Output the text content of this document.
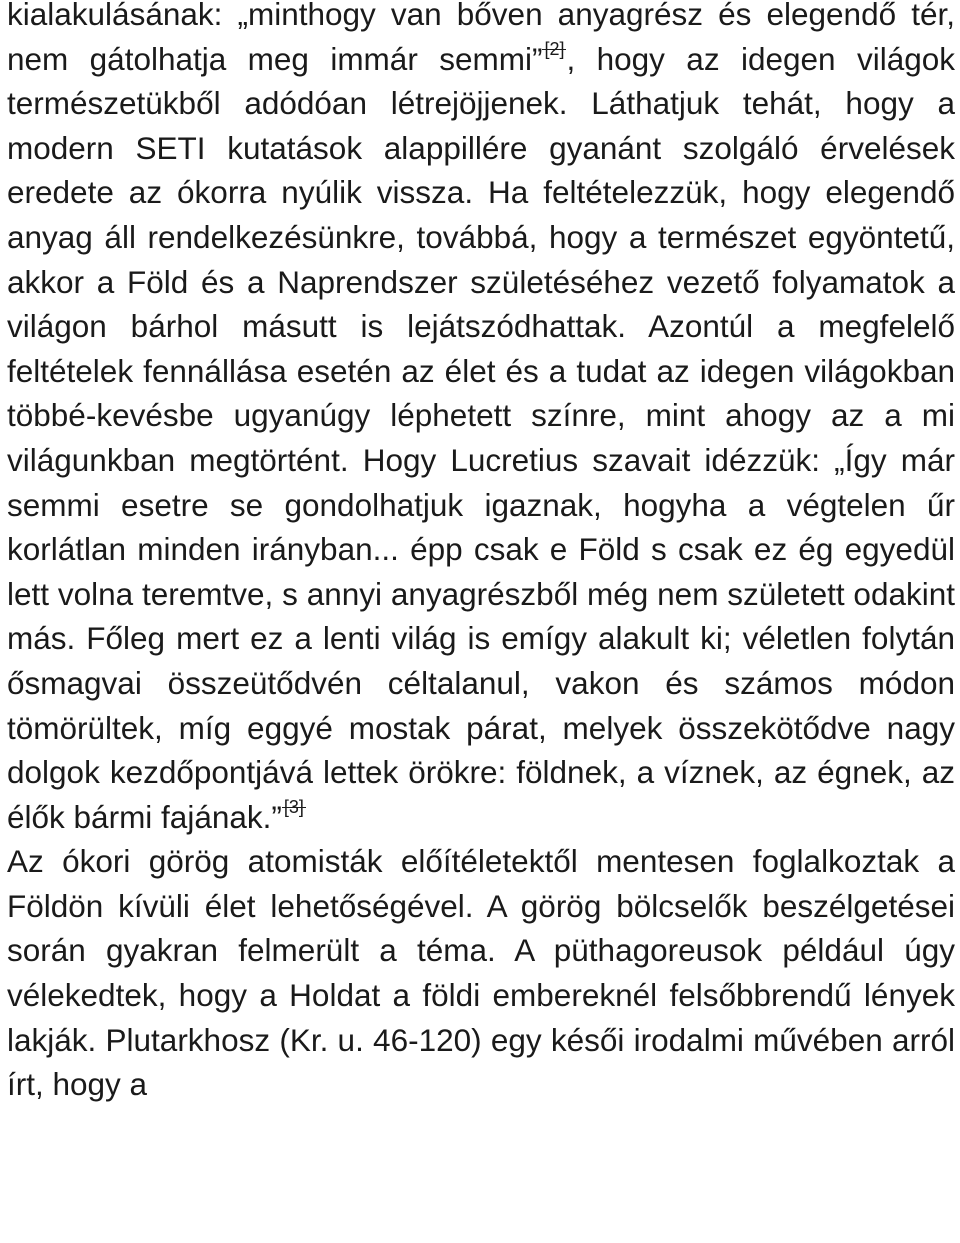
kialakulásának: „minthogy van bőven anyagrész és elegendő tér, nem gátolhatja meg immár semmi” [ 2 ] , hogy az idegen világok természetükből adódóan létrejöjjenek. Láthatjuk tehát, hogy a modern SETI kutatások alappillére gyanánt szolgáló érvelések eredete az ókorra nyúlik vissza. Ha feltételezzük, hogy elegendő anyag áll rendelkezésünkre, továbbá, hogy a természet egyöntetű, akkor a Föld és a Naprendszer születéséhez vezető folyamatok a világon bárhol másutt is lejátszódhattak. Azontúl a megfelelő feltételek fennállása esetén az élet és a tudat az idegen világokban többé-kevésbe ugyanúgy léphetett színre, mint ahogy az a mi világunkban megtörtént. Hogy Lucretius szavait idézzük: „Így már semmi esetre se gondolhatjuk igaznak, hogyha a végtelen űr korlátlan minden irányban... épp csak e Föld s csak ez ég egyedül lett volna teremtve, s annyi anyagrészből még nem született odakint más. Főleg mert ez a lenti világ is emígy alakult ki; véletlen folytán ősmagvai összeütődvén céltalanul, vakon és számos módon tömörültek, míg eggyé mostak párat, melyek összekötődve nagy dolgok kezdőpontjává lettek örökre: földnek, a víznek, az égnek, az élők bármi fajának.” [ 3 ]

Az ókori görög atomisták előítéletektől mentesen foglalkoztak a Földön kívüli élet lehetőségével. A görög bölcselők beszélgetései során gyakran felmerült a téma. A püthagoreusok például úgy vélekedtek, hogy a Holdat a földi embereknél felsőbbrendű lények lakják. Plutarkhosz (Kr. u. 46-120) egy késői irodalmi művében arról írt, hogy a
